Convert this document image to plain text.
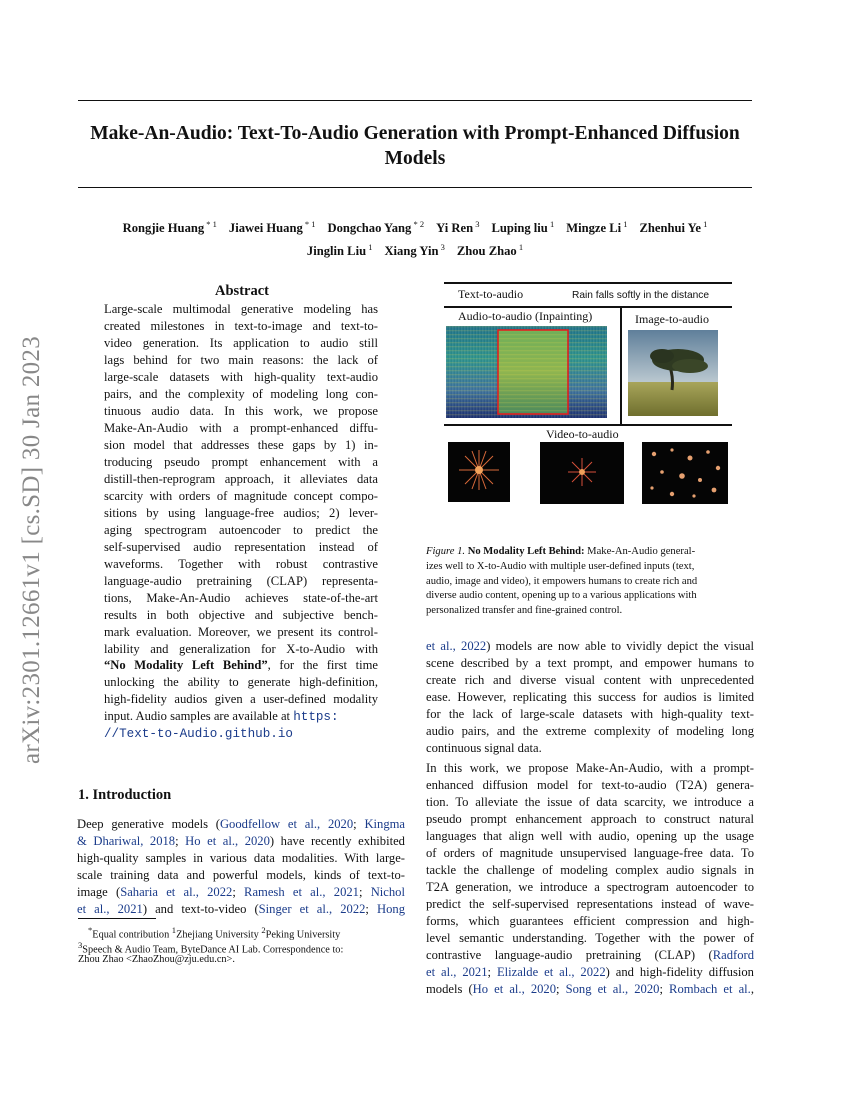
arXiv:2301.12661v1 [cs.SD] 30 Jan 2023
Make-An-Audio: Text-To-Audio Generation with Prompt-Enhanced Diffusion
Models
Rongjie Huang $^{* 1}$ Jiawei Huang $^{* 1}$ Dongchao Yang $^{* 2}$ Yi Ren $^3$ Luping liu $^1$ Mingze Li $^1$ Zhenhui Ye $^1$
Jinglin Liu $^1$ Xiang Yin $^3$ Zhou Zhao $^1$
Abstract
Large-scale multimodal generative modeling has
created milestones in text-to-image and text-to-
video generation. Its application to audio still
lags behind for two main reasons: the lack of
large-scale datasets with high-quality text-audio
pairs, and the complexity of modeling long con-
tinuous audio data. In this work, we propose
Make-An-Audio with a prompt-enhanced diffu-
sion model that addresses these gaps by 1) in-
troducing pseudo prompt enhancement with a
distill-then-reprogram approach, it alleviates data
scarcity with orders of magnitude concept compo-
sitions by using language-free audios; 2) lever-
aging spectrogram autoencoder to predict the
self-supervised audio representation instead of
waveforms. Together with robust contrastive
language-audio pretraining (CLAP) representa-
tions, Make-An-Audio achieves state-of-the-art
results in both objective and subjective bench-
mark evaluation. Moreover, we present its control-
lability and generalization for X-to-Audio with
“No Modality Left Behind”, for the first time
unlocking the ability to generate high-definition,
high-fidelity audios given a user-defined modality
input. Audio samples are available at https:
//Text-to-Audio.github.io
1. Introduction
Deep generative models (Goodfellow et al., 2020; Kingma
& Dhariwal, 2018; Ho et al., 2020) have recently exhibited
high-quality samples in various data modalities. With large-
scale training data and powerful models, kinds of text-to-
image (Saharia et al., 2022; Ramesh et al., 2021; Nichol
et al., 2021) and text-to-video (Singer et al., 2022; Hong
*Equal contribution $^1$Zhejiang University $^2$Peking University
$^3$Speech & Audio Team, ByteDance AI Lab. Correspondence to:
Zhou Zhao <ZhaoZhou@zju.edu.cn>.
Text-to-audio	Rain falls softly in the distance
Audio-to-audio (Inpainting)	Image-to-audio
Video-to-audio
Figure 1. No Modality Left Behind: Make-An-Audio general-
izes well to X-to-Audio with multiple user-defined inputs (text,
audio, image and video), it empowers humans to create rich and
diverse audio content, opening up to a various applications with
personalized transfer and fine-grained control.
et al., 2022) models are now able to vividly depict the visual
scene described by a text prompt, and empower humans to
create rich and diverse visual content with unprecedented
ease. However, replicating this success for audios is limited
for the lack of large-scale datasets with high-quality text-
audio pairs, and the extreme complexity of modeling long
continuous signal data.
In this work, we propose Make-An-Audio, with a prompt-
enhanced diffusion model for text-to-audio (T2A) genera-
tion. To alleviate the issue of data scarcity, we introduce a
pseudo prompt enhancement approach to construct natural
languages that align well with audio, opening up the usage
of orders of magnitude unsupervised language-free data. To
tackle the challenge of modeling complex audio signals in
T2A generation, we introduce a spectrogram autoencoder to
predict the self-supervised representations instead of wave-
forms, which guarantees efficient compression and high-
level semantic understanding. Together with the power of
contrastive language-audio pretraining (CLAP) (Radford
et al., 2021; Elizalde et al., 2022) and high-fidelity diffusion
models (Ho et al., 2020; Song et al., 2020; Rombach et al.,
